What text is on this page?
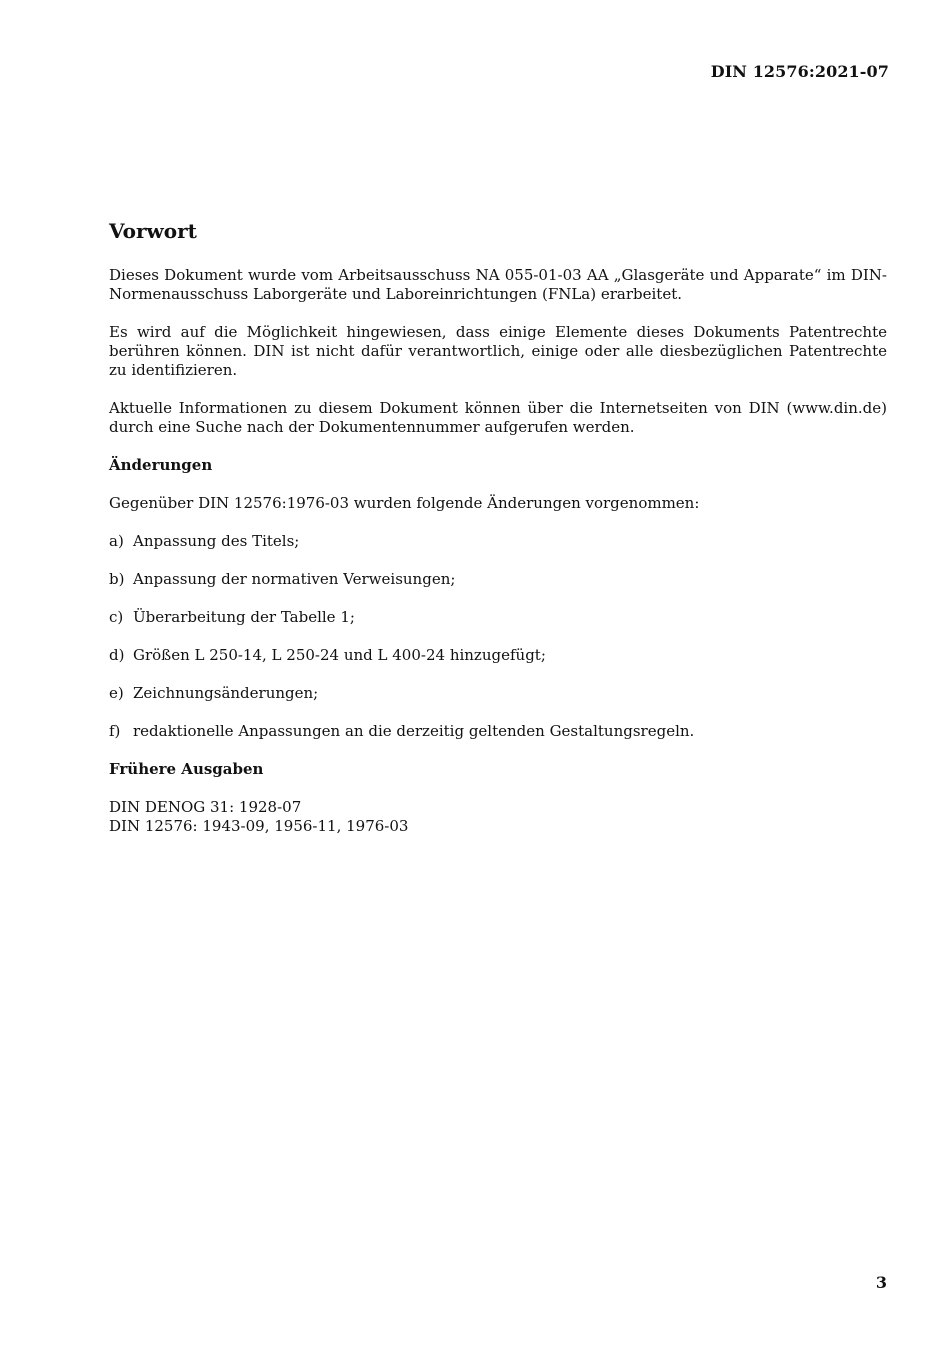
DIN 12576:2021-07
Vorwort

Dieses Dokument wurde vom Arbeitsausschuss NA 055-01-03 AA „Glasgeräte und Apparate“ im DIN-Normenausschuss Laborgeräte und Laboreinrichtungen (FNLa) erarbeitet.

Es wird auf die Möglichkeit hingewiesen, dass einige Elemente dieses Dokuments Patentrechte berühren können. DIN ist nicht dafür verantwortlich, einige oder alle diesbezüglichen Patentrechte zu identifizieren.

Aktuelle Informationen zu diesem Dokument können über die Internetseiten von DIN (www.din.de) durch eine Suche nach der Dokumentennummer aufgerufen werden.

Änderungen

Gegenüber DIN 12576:1976-03 wurden folgende Änderungen vorgenommen:

a) Anpassung des Titels;
b) Anpassung der normativen Verweisungen;
c) Überarbeitung der Tabelle 1;
d) Größen L 250-14, L 250-24 und L 400-24 hinzugefügt;
e) Zeichnungsänderungen;
f) redaktionelle Anpassungen an die derzeitig geltenden Gestaltungsregeln.
Frühere Ausgaben

DIN DENOG 31: 1928-07
DIN 12576: 1943-09, 1956-11, 1976-03

3
